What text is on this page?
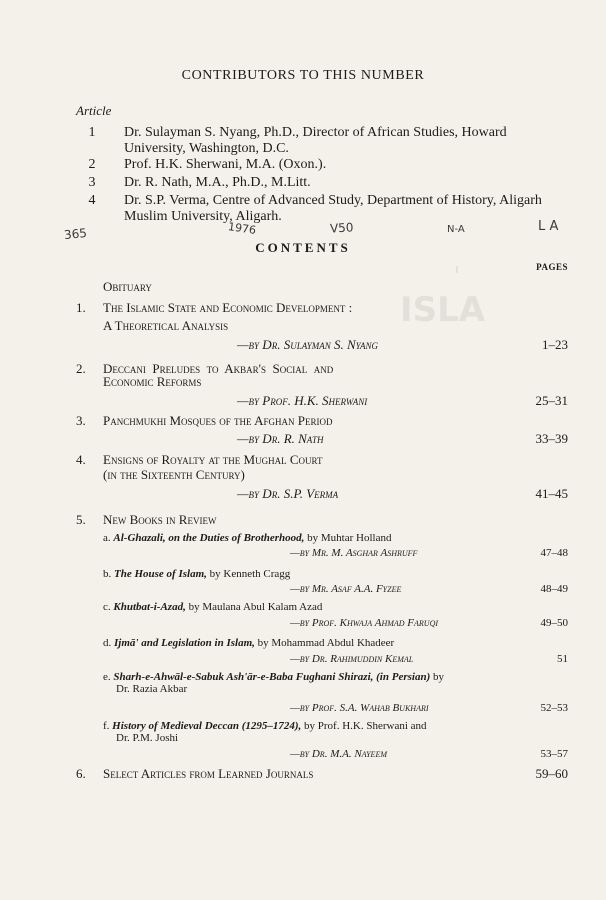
ISLA
I
CONTRIBUTORS TO THIS NUMBER
Article
1 Dr. Sulayman S. Nyang, Ph.D., Director of African Studies, Howard University, Washington, D.C.
2 Prof. H.K. Sherwani, M.A. (Oxon.).
3 Dr. R. Nath, M.A., Ph.D., M.Litt.
4 Dr. S.P. Verma, Centre of Advanced Study, Department of History, Aligarh Muslim University, Aligarh.
365	1976	V50	N-A	LA
CONTENTS
PAGES
Obituary
1. The Islamic State and Economic Development :
A Theoretical Analysis
—by Dr. Sulayman S. Nyang	1–23
2. Deccani  Preludes  to  Akbar's  Social  and
Economic Reforms
—by Prof. H.K. Sherwani	25–31
3. Panchmukhi Mosques of the Afghan Period
—by Dr. R. Nath	33–39
4. Ensigns of Royalty at the Mughal Court
(in the Sixteenth Century)
—by Dr. S.P. Verma	41–45
5. New Books in Review
a. Al-Ghazali, on the Duties of Brotherhood, by Muhtar Holland
—by Mr. M. Asghar Ashruff	47–48
b. The House of Islam, by Kenneth Cragg
—by Mr. Asaf A.A. Fyzee	48–49
c. Khutbat-i-Azad, by Maulana Abul Kalam Azad
—by Prof. Khwaja Ahmad Faruqi	49–50
d. Ijmā' and Legislation in Islam, by Mohammad Abdul Khadeer
—by Dr. Rahimuddin Kemal	51
e. Sharh-e-Ahwāl-e-Sabuk Ash'ār-e-Baba Fughani Shirazi, (in Persian) by
Dr. Razia Akbar
—by Prof. S.A. Wahab Bukhari	52–53
f. History of Medieval Deccan (1295–1724), by Prof. H.K. Sherwani and
Dr. P.M. Joshi
—by Dr. M.A. Nayeem	53–57
6. Select Articles from Learned Journals	59–60
